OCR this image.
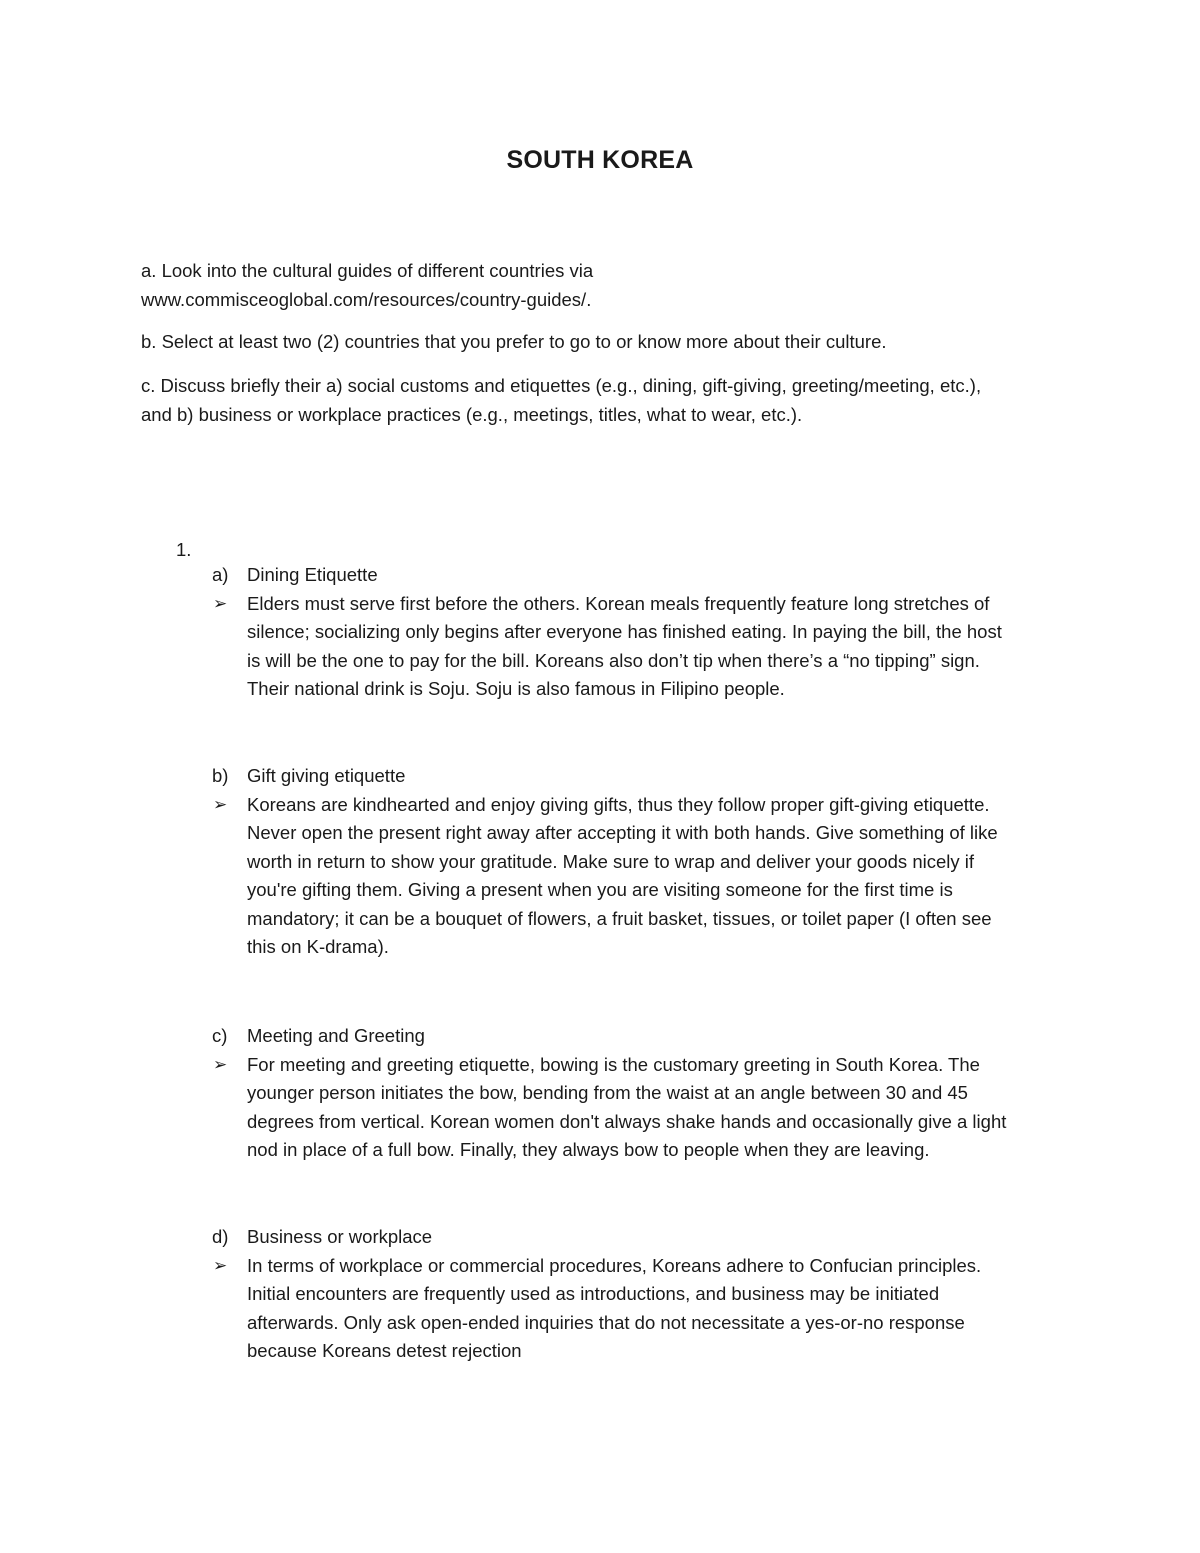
SOUTH KOREA

a. Look into the cultural guides of different countries via

www.commisceoglobal.com/resources/country-guides/.

b. Select at least two (2) countries that you prefer to go to or know more about their culture.

c. Discuss briefly their a) social customs and etiquettes (e.g., dining, gift-giving, greeting/meeting, etc.),

and b) business or workplace practices (e.g., meetings, titles, what to wear, etc.).

1.
a) Dining Etiquette
➢ Elders must serve first before the others. Korean meals frequently feature long stretches of
silence; socializing only begins after everyone has finished eating. In paying the bill, the host
is will be the one to pay for the bill. Koreans also don’t tip when there’s a “no tipping” sign.
Their national drink is Soju. Soju is also famous in Filipino people.
b) Gift giving etiquette
➢ Koreans are kindhearted and enjoy giving gifts, thus they follow proper gift-giving etiquette.
Never open the present right away after accepting it with both hands. Give something of like
worth in return to show your gratitude. Make sure to wrap and deliver your goods nicely if
you're gifting them. Giving a present when you are visiting someone for the first time is
mandatory; it can be a bouquet of flowers, a fruit basket, tissues, or toilet paper (I often see
this on K-drama).
c) Meeting and Greeting
➢ For meeting and greeting etiquette, bowing is the customary greeting in South Korea. The
younger person initiates the bow, bending from the waist at an angle between 30 and 45
degrees from vertical. Korean women don't always shake hands and occasionally give a light
nod in place of a full bow. Finally, they always bow to people when they are leaving.
d) Business or workplace
➢ In terms of workplace or commercial procedures, Koreans adhere to Confucian principles.
Initial encounters are frequently used as introductions, and business may be initiated
afterwards. Only ask open-ended inquiries that do not necessitate a yes-or-no response
because Koreans detest rejection
